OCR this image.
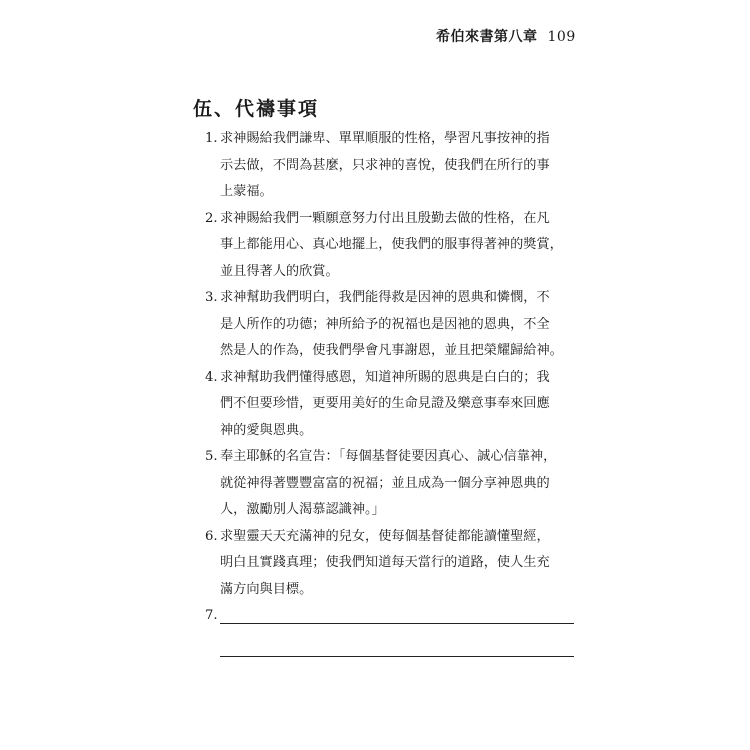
希伯來書第八章 109
伍、代禱事項
1. 求神賜給我們謙卑、單單順服的性格，學習凡事按神的指
示去做，不問為甚麼，只求神的喜悅，使我們在所行的事
上蒙福。
2. 求神賜給我們一顆願意努力付出且殷勤去做的性格，在凡
事上都能用心、真心地擺上，使我們的服事得著神的獎賞，
並且得著人的欣賞。
3. 求神幫助我們明白，我們能得救是因神的恩典和憐憫，不
是人所作的功德；神所給予的祝福也是因祂的恩典，不全
然是人的作為，使我們學會凡事謝恩，並且把榮耀歸給神。
4. 求神幫助我們懂得感恩，知道神所賜的恩典是白白的；我
們不但要珍惜，更要用美好的生命見證及樂意事奉來回應
神的愛與恩典。
5. 奉主耶穌的名宣告：「每個基督徒要因真心、誠心信靠神，
就從神得著豐豐富富的祝福；並且成為一個分享神恩典的
人，激勵別人渴慕認識神。」
6. 求聖靈天天充滿神的兒女，使每個基督徒都能讀懂聖經，
明白且實踐真理；使我們知道每天當行的道路，使人生充
滿方向與目標。
7.
